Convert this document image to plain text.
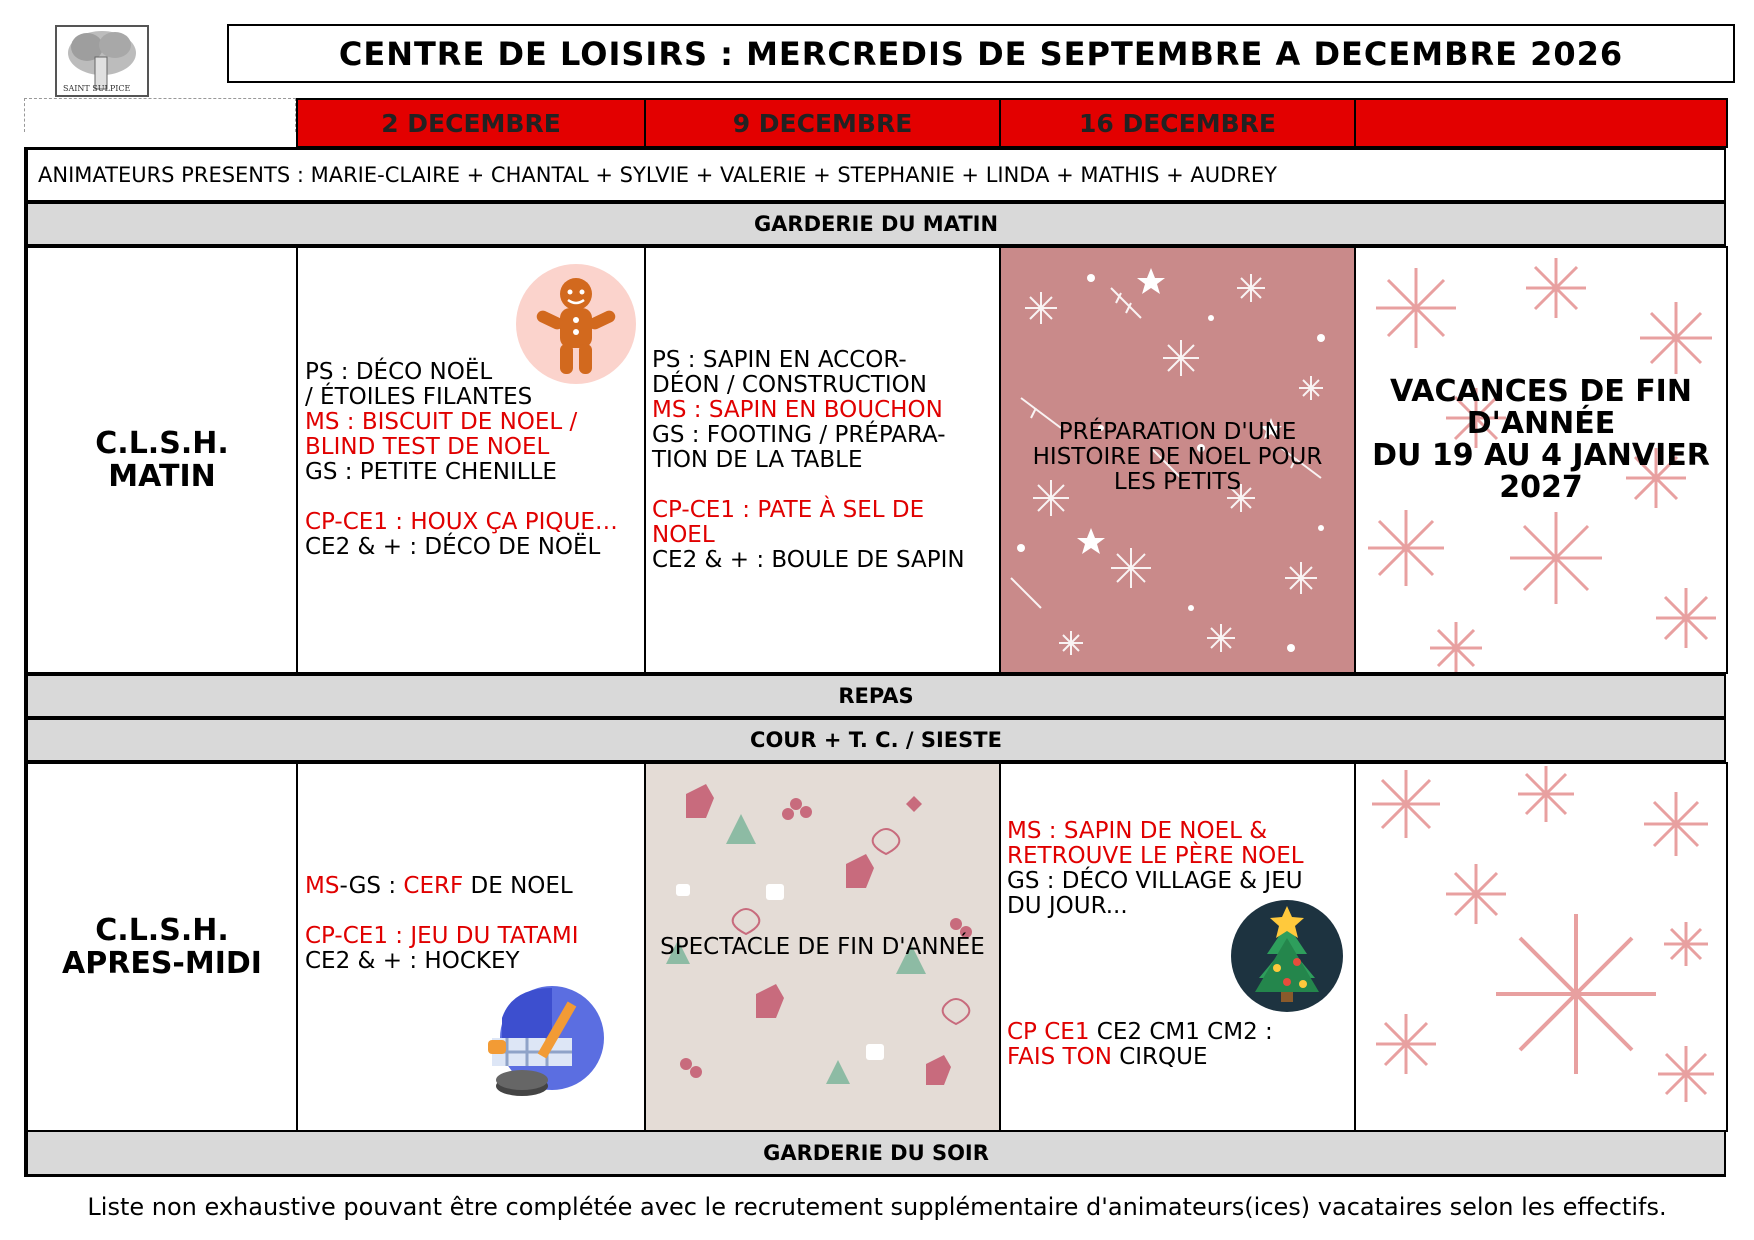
SAINT SULPICE
CENTRE DE LOISIRS : MERCREDIS DE SEPTEMBRE A DECEMBRE 2026
2 DECEMBRE	9 DECEMBRE	16 DECEMBRE
ANIMATEURS PRESENTS : MARIE-CLAIRE + CHANTAL + SYLVIE + VALERIE + STEPHANIE + LINDA + MATHIS + AUDREY
GARDERIE DU MATIN
C.L.S.H.
MATIN
PS : DÉCO NOËL
/ ÉTOILES FILANTES
MS : BISCUIT DE NOEL /
BLIND TEST DE NOEL
GS : PETITE CHENILLE
CP-CE1 : HOUX ÇA PIQUE…
CE2 & + : DÉCO DE NOËL
PS : SAPIN EN ACCOR-
DÉON / CONSTRUCTION
MS : SAPIN EN BOUCHON
GS : FOOTING / PRÉPARA-
TION DE LA TABLE
CP-CE1 : PATE À SEL DE
NOEL
CE2 & + : BOULE DE SAPIN
PRÉPARATION D'UNE
HISTOIRE DE NOEL POUR
LES PETITS
VACANCES DE FIN
D'ANNÉE
DU 19 AU 4 JANVIER
2027
REPAS
COUR + T. C. / SIESTE
C.L.S.H.
APRES-MIDI
MS-GS : CERF DE NOEL
CP-CE1 : JEU DU TATAMI
CE2 & + : HOCKEY
SPECTACLE DE FIN D'ANNÉE
MS : SAPIN DE NOEL &
RETROUVE LE PÈRE NOEL
GS : DÉCO VILLAGE & JEU
DU JOUR...
CP CE1 CE2 CM1 CM2 :
FAIS TON CIRQUE
GARDERIE DU SOIR
Liste non exhaustive pouvant être complétée avec le recrutement supplémentaire d'animateurs(ices) vacataires selon les effectifs.
